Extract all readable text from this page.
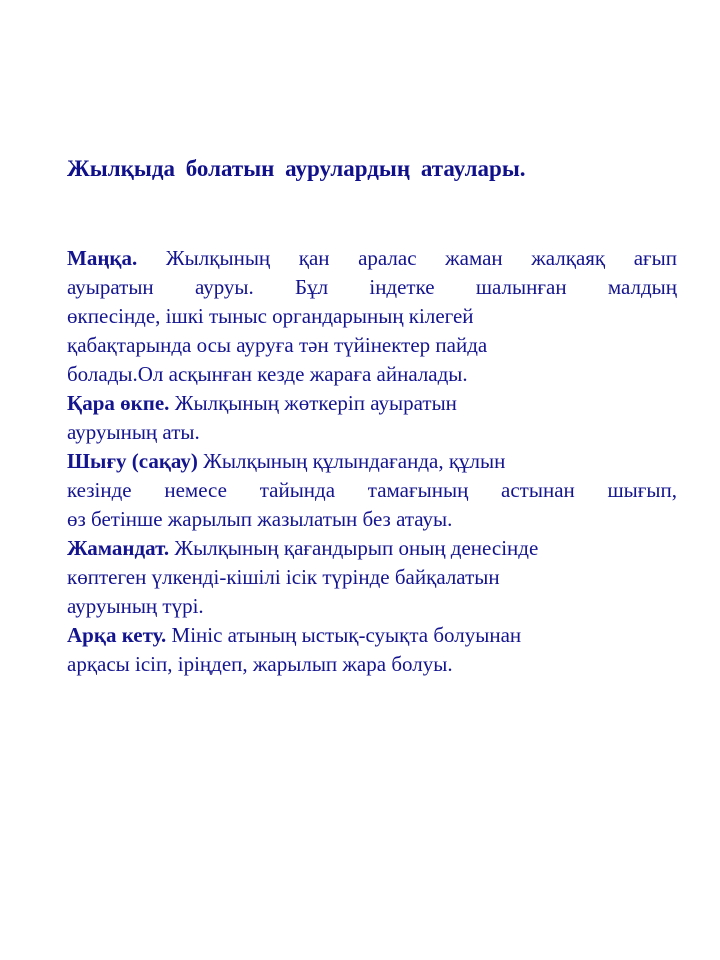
Жылқыда болатын аурулардың атаулары.
Маңқа. Жылқының қан аралас жаман жалқаяқ ағып
ауыратын ауруы. Бұл індетке шалынған малдың
өкпесінде, ішкі тыныс органдарының кілегей
қабақтарында осы ауруға тән түйінектер пайда
болады.Ол асқынған кезде жараға айналады.
Қара өкпе. Жылқының жөткеріп ауыратын
ауруының аты.
Шығу (сақау) Жылқының құлындағанда, құлын
кезінде немесе тайында тамағының астынан шығып,
өз бетінше жарылып жазылатын без атауы.
Жамандат. Жылқының қағандырып оның денесінде
көптеген үлкенді-кішілі ісік түрінде байқалатын
ауруының түрі.
Арқа кету. Мініс атының ыстық-суықта болуынан
арқасы ісіп, іріңдеп, жарылып жара болуы.
